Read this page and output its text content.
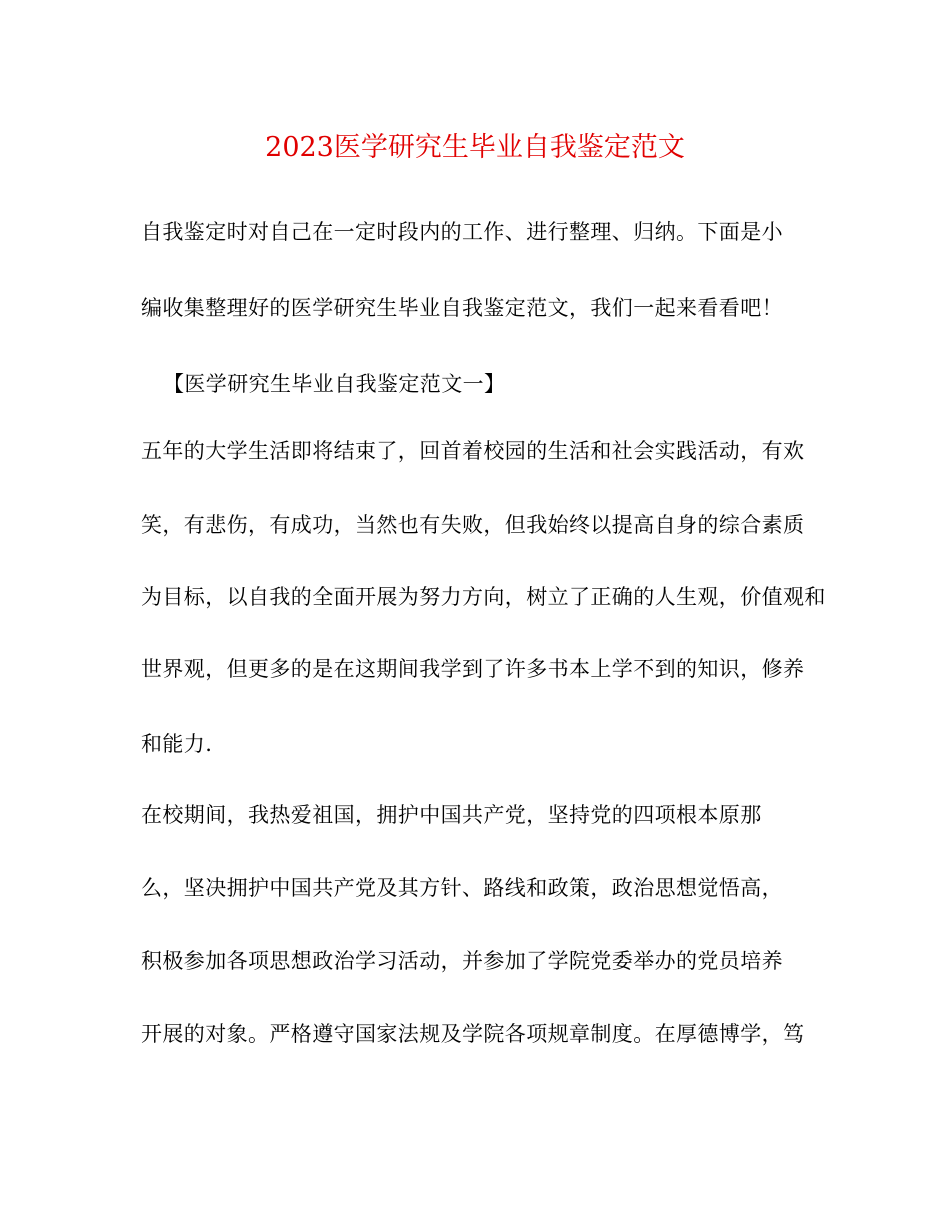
2023医学研究生毕业自我鉴定范文
自我鉴定时对自己在一定时段内的工作、进行整理、归纳。下面是小
编收集整理好的医学研究生毕业自我鉴定范文，我们一起来看看吧！
【医学研究生毕业自我鉴定范文一】
五年的大学生活即将结束了，回首着校园的生活和社会实践活动，有欢
笑，有悲伤，有成功，当然也有失败，但我始终以提高自身的综合素质
为目标，以自我的全面开展为努力方向，树立了正确的人生观，价值观和
世界观，但更多的是在这期间我学到了许多书本上学不到的知识，修养
和能力.
在校期间，我热爱祖国，拥护中国共产党，坚持党的四项根本原那
么，坚决拥护中国共产党及其方针、路线和政策，政治思想觉悟高，
积极参加各项思想政治学习活动，并参加了学院党委举办的党员培养
开展的对象。严格遵守国家法规及学院各项规章制度。在厚德博学，笃
